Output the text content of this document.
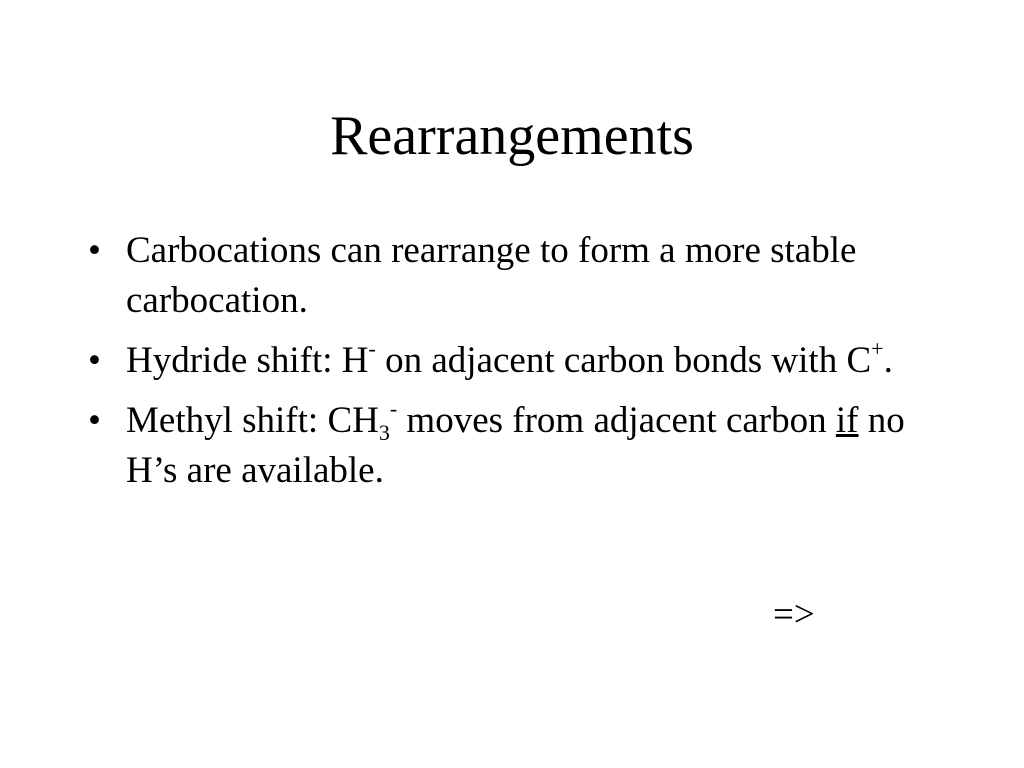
Rearrangements
• Carbocations can rearrange to form a more stable carbocation.
• Hydride shift: H- on adjacent carbon bonds with C+.
• Methyl shift: $CH_3^-$ moves from adjacent carbon if no H’s are available.
=>
